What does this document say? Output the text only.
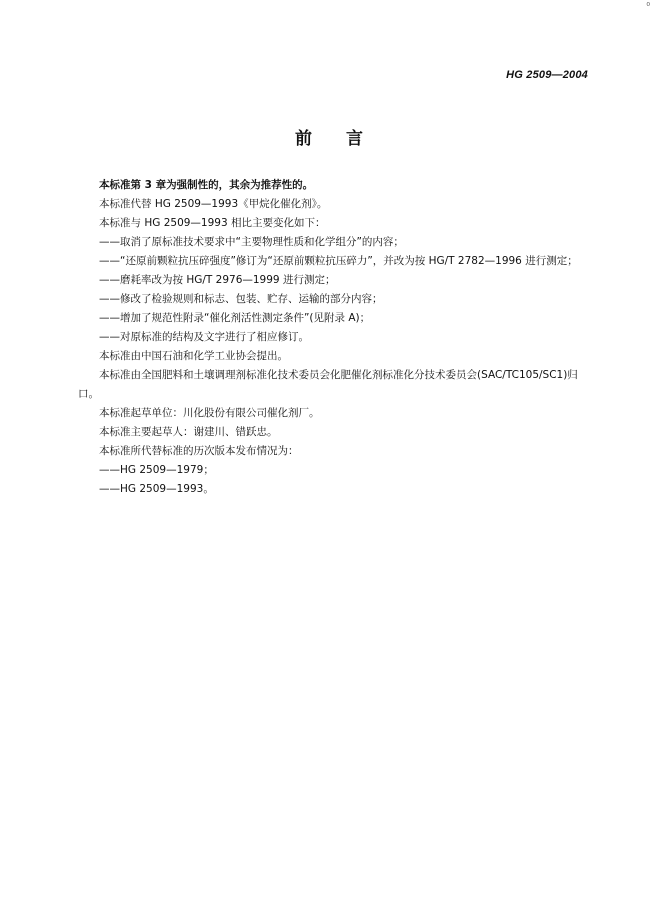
⁰
HG 2509—2004
前言

本标准第 3 章为强制性的，其余为推荐性的。

本标准代替 HG 2509—1993《甲烷化催化剂》。

本标准与 HG 2509—1993 相比主要变化如下：

—— 取消了原标准技术要求中“主要物理性质和化学组分”的内容；
—— “还原前颗粒抗压碎强度”修订为“还原前颗粒抗压碎力”，并改为按 HG/T 2782—1996 进行测定；
—— 磨耗率改为按 HG/T 2976—1999 进行测定；
—— 修改了检验规则和标志、包装、贮存、运输的部分内容；
—— 增加了规范性附录“催化剂活性测定条件”(见附录 A)；
—— 对原标准的结构及文字进行了相应修订。

本标准由中国石油和化学工业协会提出。

本标准由全国肥料和土壤调理剂标准化技术委员会化肥催化剂标准化分技术委员会(SAC/TC105/SC1)归口。

本标准起草单位：川化股份有限公司催化剂厂。

本标准主要起草人：谢建川、错跃忠。

本标准所代替标准的历次版本发布情况为：

—— HG 2509—1979；
—— HG 2509—1993。
